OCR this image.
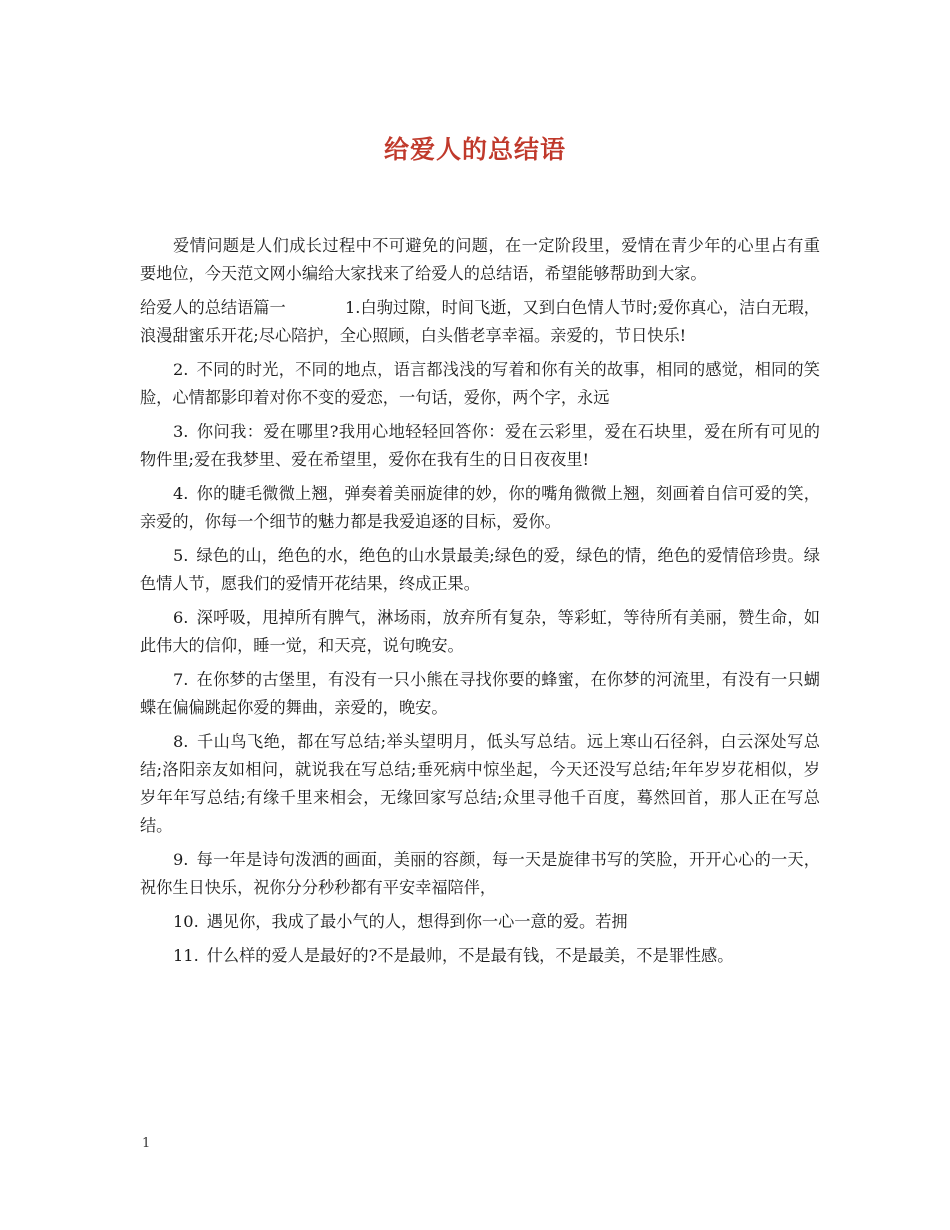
给爱人的总结语

爱情问题是人们成长过程中不可避免的问题，在一定阶段里，爱情在青少年的心里占有重要地位，今天范文网小编给大家找来了给爱人的总结语，希望能够帮助到大家。

给爱人的总结语篇一	1.白驹过隙，时间飞逝，又到白色情人节时;爱你真心，洁白无瑕，浪漫甜蜜乐开花;尽心陪护，全心照顾，白头偕老享幸福。亲爱的，节日快乐!

2. 不同的时光，不同的地点，语言都浅浅的写着和你有关的故事，相同的感觉，相同的笑脸，心情都影印着对你不变的爱恋，一句话，爱你，两个字，永远

3. 你问我：爱在哪里?我用心地轻轻回答你：爱在云彩里，爱在石块里，爱在所有可见的物件里;爱在我梦里、爱在希望里，爱你在我有生的日日夜夜里!

4. 你的睫毛微微上翘，弹奏着美丽旋律的妙，你的嘴角微微上翘，刻画着自信可爱的笑，亲爱的，你每一个细节的魅力都是我爱追逐的目标，爱你。

5. 绿色的山，绝色的水，绝色的山水景最美;绿色的爱，绿色的情，绝色的爱情倍珍贵。绿色情人节，愿我们的爱情开花结果，终成正果。

6. 深呼吸，甩掉所有脾气，淋场雨，放弃所有复杂，等彩虹，等待所有美丽，赞生命，如此伟大的信仰，睡一觉，和天亮，说句晚安。

7. 在你梦的古堡里，有没有一只小熊在寻找你要的蜂蜜，在你梦的河流里，有没有一只蝴蝶在偏偏跳起你爱的舞曲，亲爱的，晚安。

8. 千山鸟飞绝，都在写总结;举头望明月，低头写总结。远上寒山石径斜，白云深处写总结;洛阳亲友如相问，就说我在写总结;垂死病中惊坐起，今天还没写总结;年年岁岁花相似，岁岁年年写总结;有缘千里来相会，无缘回家写总结;众里寻他千百度，蓦然回首，那人正在写总结。

9. 每一年是诗句泼洒的画面，美丽的容颜，每一天是旋律书写的笑脸，开开心心的一天，祝你生日快乐，祝你分分秒秒都有平安幸福陪伴，

10. 遇见你，我成了最小气的人，想得到你一心一意的爱。若拥

11. 什么样的爱人是最好的?不是最帅，不是最有钱，不是最美，不是罪性感。

1
